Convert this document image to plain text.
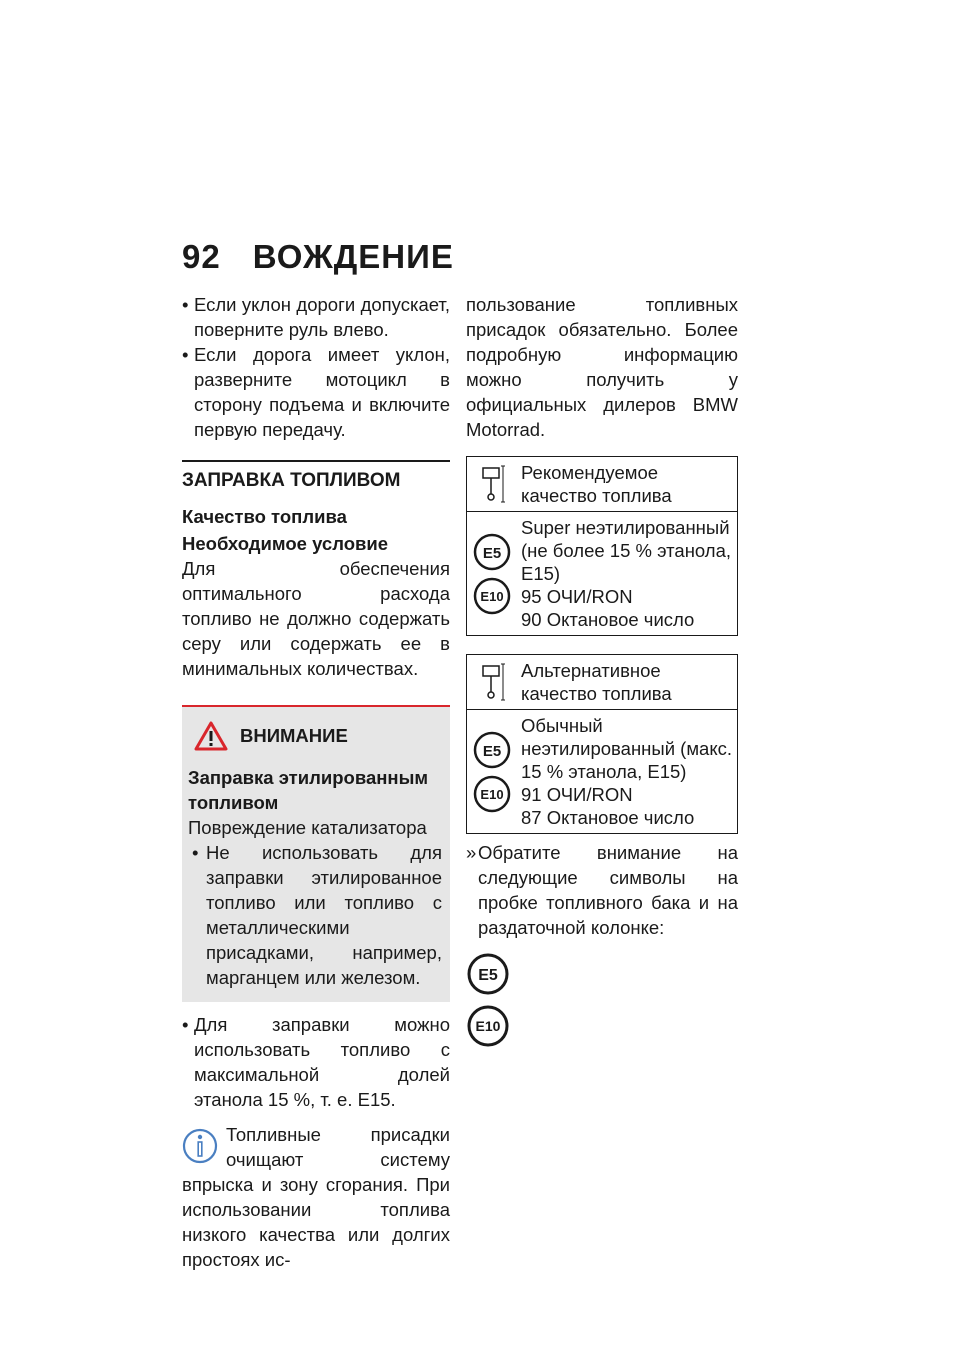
92 ВОЖДЕНИЕ
• Если уклон дороги допускает, поверните руль влево.
• Если дорога имеет уклон, разверните мотоцикл в сторону подъема и включите первую передачу.
ЗАПРАВКА ТОПЛИВОМ
Качество топлива
Необходимое условие
Для обеспечения оптимального расхода топливо не должно содержать серу или содержать ее в минимальных количествах.
ВНИМАНИЕ
Заправка этилированным топливом
Повреждение катализатора
• Не использовать для заправки этилированное топливо или топливо с металлическими присадками, например, марганцем или железом.
• Для заправки можно использовать топливо с максимальной долей этанола 15 %, т. е. E15.
Топливные присадки очищают систему впрыска и зону сгорания. При использовании топлива низкого качества или долгих простоях ис-
пользование топливных присадок обязательно. Более подробную информацию можно получить у официальных дилеров BMW Motorrad.
Рекомендуемое качество топлива
E5
E10
Super неэтилированный (не более 15 % этанола, E15)
95 ОЧИ/RON
90 Октановое число
Альтернативное качество топлива
E5
E10
Обычный неэтилированный (макс. 15 % этанола, E15)
91 ОЧИ/RON
87 Октановое число
» Обратите внимание на следующие символы на пробке топливного бака и на раздаточной колонке:
E5
E10
